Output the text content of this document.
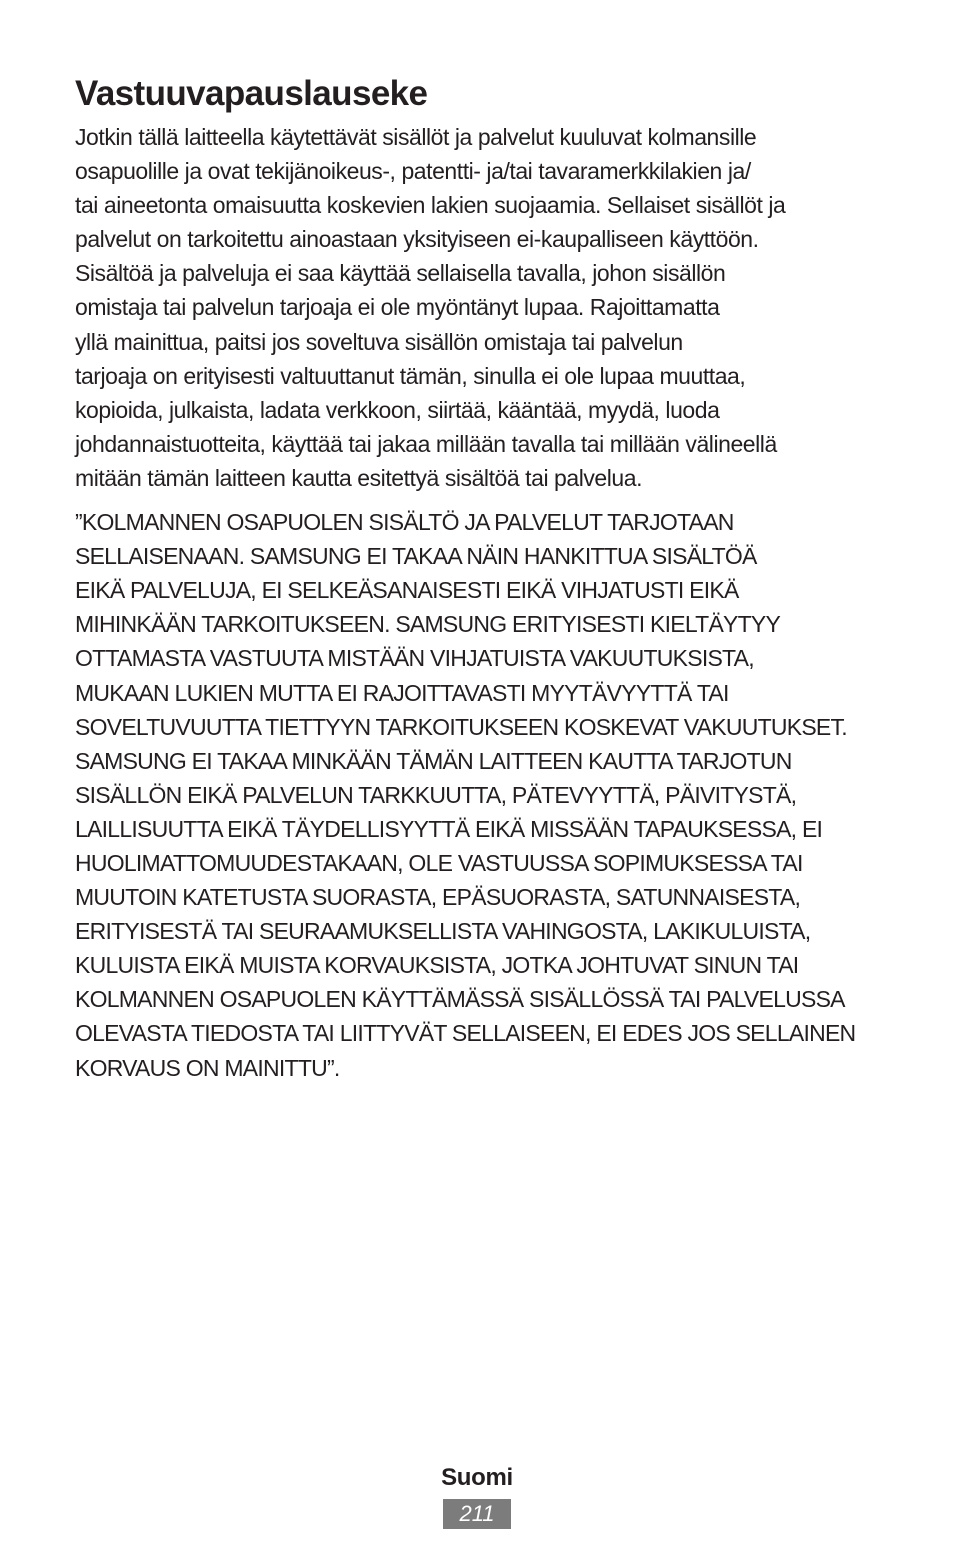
Vastuuvapauslauseke

Jotkin tällä laitteella käytettävät sisällöt ja palvelut kuuluvat kolmansille
osapuolille ja ovat tekijänoikeus-, patentti- ja/tai tavaramerkkilakien ja/
tai aineetonta omaisuutta koskevien lakien suojaamia. Sellaiset sisällöt ja
palvelut on tarkoitettu ainoastaan yksityiseen ei-kaupalliseen käyttöön.
Sisältöä ja palveluja ei saa käyttää sellaisella tavalla, johon sisällön
omistaja tai palvelun tarjoaja ei ole myöntänyt lupaa. Rajoittamatta
yllä mainittua, paitsi jos soveltuva sisällön omistaja tai palvelun
tarjoaja on erityisesti valtuuttanut tämän, sinulla ei ole lupaa muuttaa,
kopioida, julkaista, ladata verkkoon, siirtää, kääntää, myydä, luoda
johdannaistuotteita, käyttää tai jakaa millään tavalla tai millään välineellä
mitään tämän laitteen kautta esitettyä sisältöä tai palvelua.

”KOLMANNEN OSAPUOLEN SISÄLTÖ JA PALVELUT TARJOTAAN
SELLAISENAAN. SAMSUNG EI TAKAA NÄIN HANKITTUA SISÄLTÖÄ
EIKÄ PALVELUJA, EI SELKEÄSANAISESTI EIKÄ VIHJATUSTI EIKÄ
MIHINKÄÄN TARKOITUKSEEN. SAMSUNG ERITYISESTI KIELTÄYTYY
OTTAMASTA VASTUUTA MISTÄÄN VIHJATUISTA VAKUUTUKSISTA,
MUKAAN LUKIEN MUTTA EI RAJOITTAVASTI MYYTÄVYYTTÄ TAI
SOVELTUVUUTTA TIETTYYN TARKOITUKSEEN KOSKEVAT VAKUUTUKSET.
SAMSUNG EI TAKAA MINKÄÄN TÄMÄN LAITTEEN KAUTTA TARJOTUN
SISÄLLÖN EIKÄ PALVELUN TARKKUUTTA, PÄTEVYYTTÄ, PÄIVITYSTÄ,
LAILLISUUTTA EIKÄ TÄYDELLISYYTTÄ EIKÄ MISSÄÄN TAPAUKSESSA, EI
HUOLIMATTOMUUDESTAKAAN, OLE VASTUUSSA SOPIMUKSESSA TAI
MUUTOIN KATETUSTA SUORASTA, EPÄSUORASTA, SATUNNAISESTA,
ERITYISESTÄ TAI SEURAAMUKSELLISTA VAHINGOSTA, LAKIKULUISTA,
KULUISTA EIKÄ MUISTA KORVAUKSISTA, JOTKA JOHTUVAT SINUN TAI
KOLMANNEN OSAPUOLEN KÄYTTÄMÄSSÄ SISÄLLÖSSÄ TAI PALVELUSSA
OLEVASTA TIEDOSTA TAI LIITTYVÄT SELLAISEEN, EI EDES JOS SELLAINEN
KORVAUS ON MAINITTU”.

Suomi
211
